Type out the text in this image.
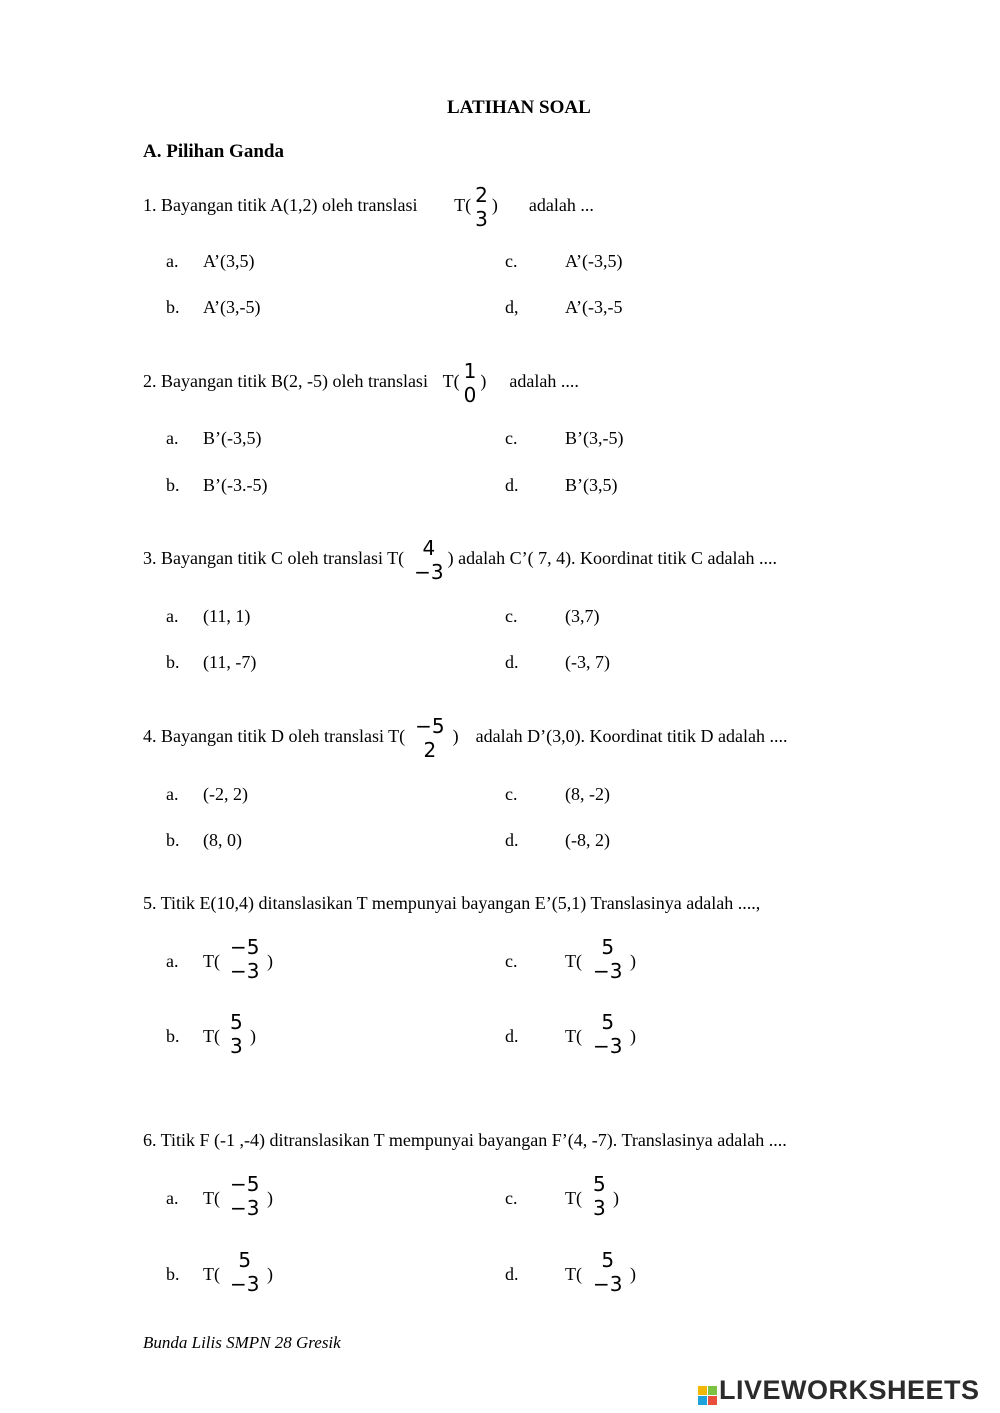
LATIHAN SOAL
A. Pilihan Ganda
1. Bayangan titik A(1,2) oleh translasi T( 2
3
) adalah ...
a. A’(3,5)	c.	A’(-3,5)
b. A’(3,-5)	d,	A’(-3,-5
2. Bayangan titik B(2, -5) oleh translasi T( 1
0
) adalah ....
a. B’(-3,5)	c.	B’(3,-5)
b. B’(-3.-5)	d.	B’(3,5)
3. Bayangan titik C oleh translasi T( 4
−3
) adalah C’( 7, 4). Koordinat titik C adalah ....
a. (11, 1)	c.	(3,7)
b. (11, -7)	d.	(-3, 7)
4. Bayangan titik D oleh translasi T( −5
2
) adalah D’(3,0). Koordinat titik D adalah ....
a. (-2, 2)	c.	(8, -2)
b. (8, 0)	d.	(-8, 2)
5. Titik E(10,4) ditanslasikan T mempunyai bayangan E’(5,1) Translasinya adalah ....,
a. T(
−5
−3 )	c.	T(
5
−3 )
b. T(
5
3 )	d.	T(
5
−3 )
6. Titik F (-1 ,-4) ditranslasikan T mempunyai bayangan F’(4, -7). Translasinya adalah ....
a. T(
−5
−3 )	c.	T(
5
3 )
b. T(
5
−3 )	d.	T(
5
−3 )
Bunda Lilis SMPN 28 Gresik
LIVEWORKSHEETS
